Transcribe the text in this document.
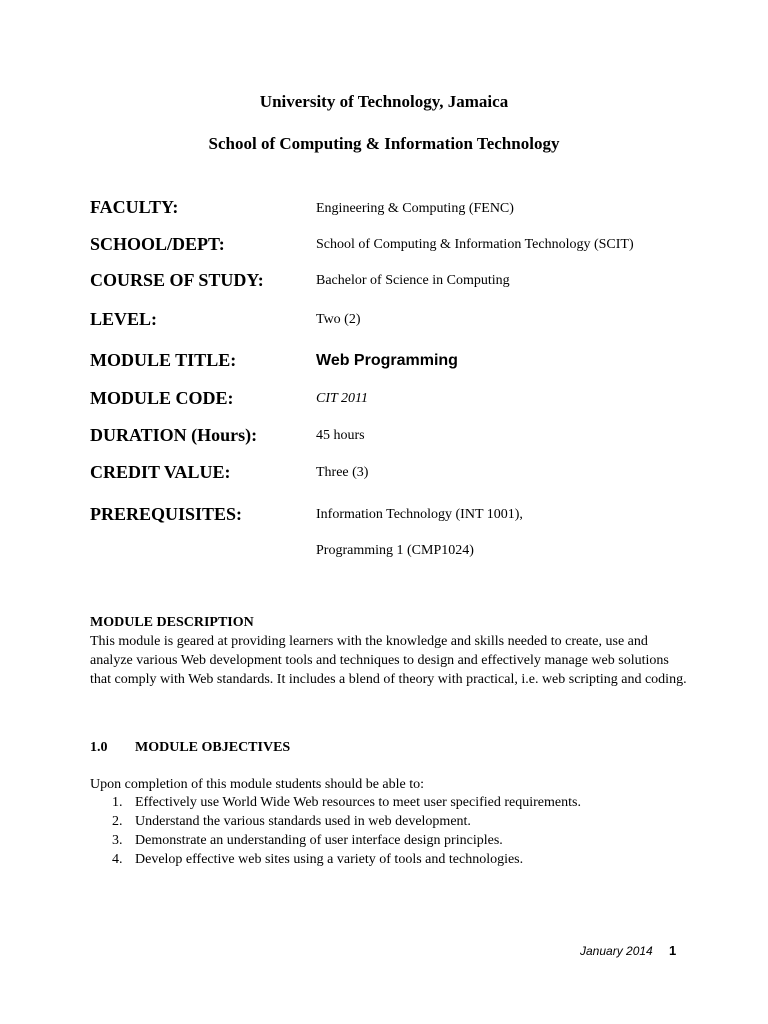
University of Technology, Jamaica
School of Computing & Information Technology
FACULTY:	Engineering & Computing (FENC)
SCHOOL/DEPT:	School of Computing & Information Technology (SCIT)
COURSE OF STUDY:	Bachelor of Science in Computing
LEVEL:	Two (2)
MODULE TITLE:	Web Programming
MODULE CODE:	CIT 2011
DURATION (Hours):	45 hours
CREDIT VALUE:	Three (3)
PREREQUISITES:	Information Technology (INT 1001),
Programming 1 (CMP1024)
MODULE DESCRIPTION
This module is geared at providing learners with the knowledge and skills needed to create, use and analyze various Web development tools and techniques to design and effectively manage web solutions that comply with Web standards. It includes a blend of theory with practical, i.e. web scripting and coding.
1.0 MODULE OBJECTIVES
Upon completion of this module students should be able to:
1. Effectively use World Wide Web resources to meet user specified requirements.
2. Understand the various standards used in web development.
3. Demonstrate an understanding of user interface design principles.
4. Develop effective web sites using a variety of tools and technologies.
January 2014 1
